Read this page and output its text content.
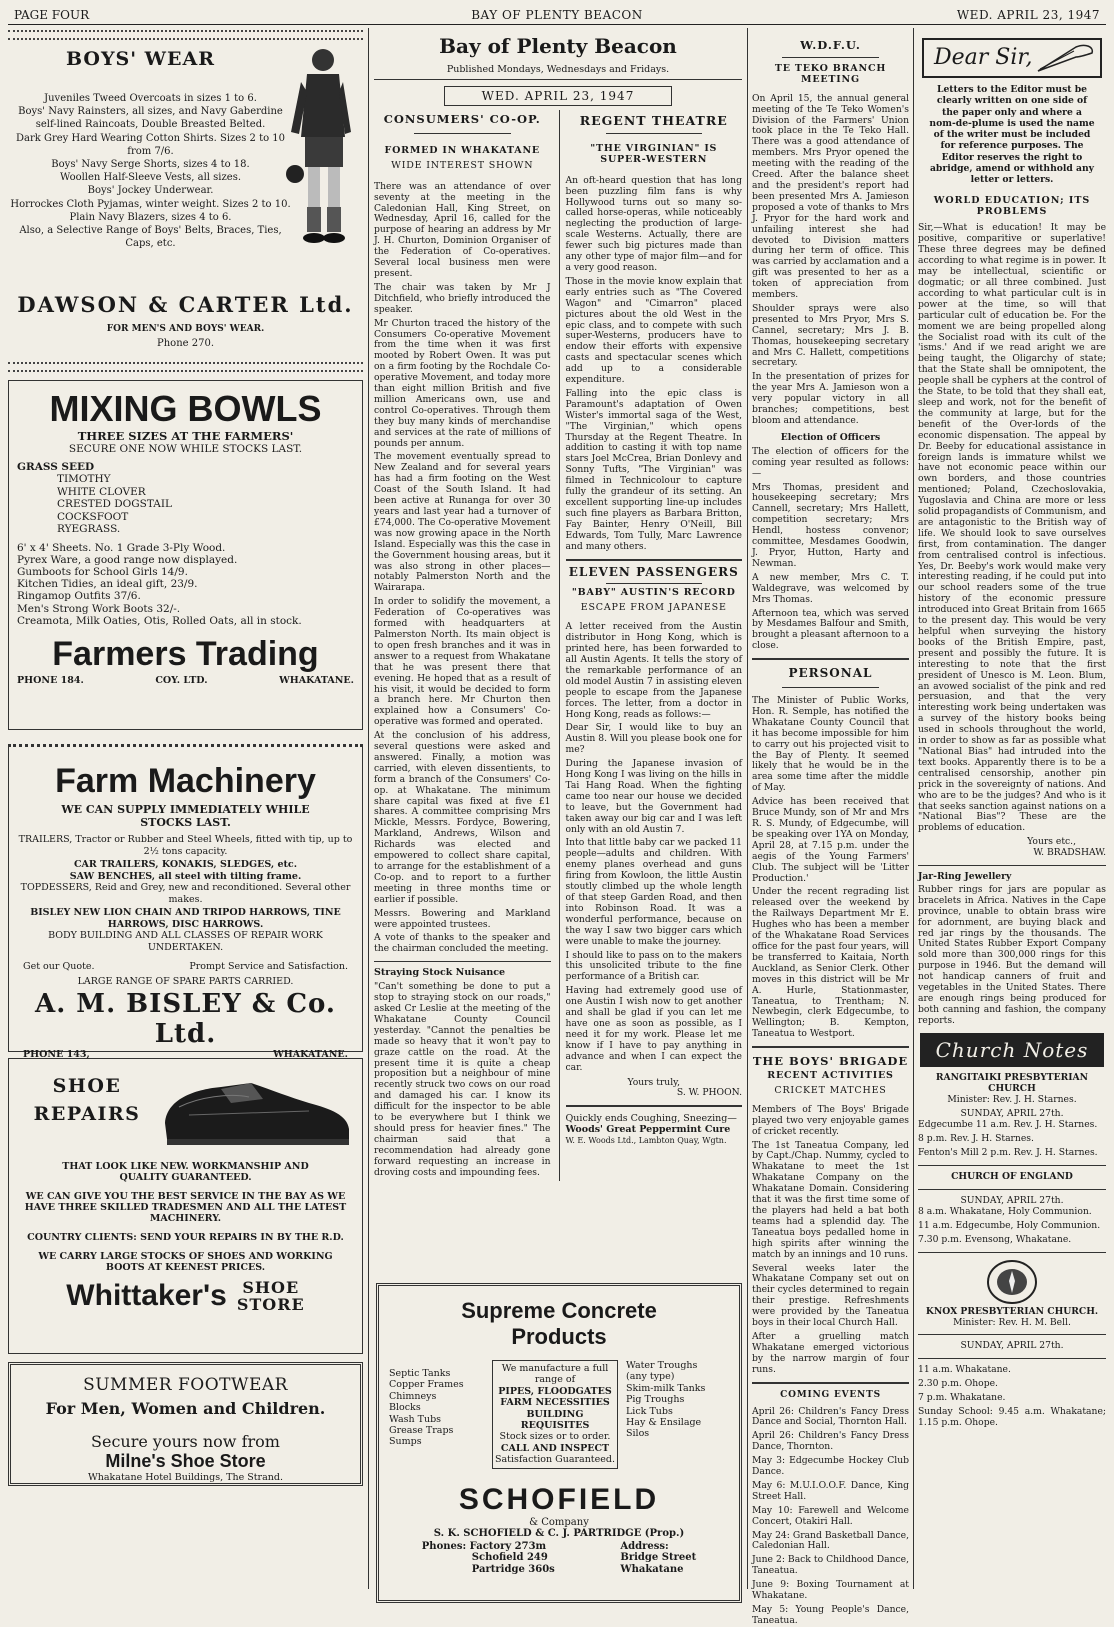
BAY OF PLENTY BEACON
PAGE FOUR	WED. APRIL 23, 1947
BOYS' WEAR
Juveniles Tweed Overcoats in sizes 1 to 6.
Boys' Navy Rainsters, all sizes, and Navy Gaberdine self-lined Raincoats, Double Breasted Belted.
Dark Grey Hard Wearing Cotton Shirts. Sizes 2 to 10 from 7/6.
Boys' Navy Serge Shorts, sizes 4 to 18.
Woollen Half-Sleeve Vests, all sizes.
Boys' Jockey Underwear.
Horrockes Cloth Pyjamas, winter weight. Sizes 2 to 10.
Plain Navy Blazers, sizes 4 to 6.
Also, a Selective Range of Boys' Belts, Braces, Ties, Caps, etc.
DAWSON & CARTER Ltd.
FOR MEN'S AND BOYS' WEAR.
Phone 270.
MIXING BOWLS
THREE SIZES AT THE FARMERS'
SECURE ONE NOW WHILE STOCKS LAST.
GRASS SEED
TIMOTHY
WHITE CLOVER
CRESTED DOGSTAIL
COCKSFOOT
RYEGRASS.
6' x 4' Sheets. No. 1 Grade 3-Ply Wood.
Pyrex Ware, a good range now displayed.
Gumboots for School Girls 14/9.
Kitchen Tidies, an ideal gift, 23/9.
Ringamop Outfits 37/6.
Men's Strong Work Boots 32/-.
Creamota, Milk Oaties, Otis, Rolled Oats, all in stock.
Farmers Trading
PHONE 184.	COY. LTD.	WHAKATANE.
Farm Machinery
WE CAN SUPPLY IMMEDIATELY WHILE STOCKS LAST.
TRAILERS, Tractor or Rubber and Steel Wheels, fitted with tip, up to 2½ tons capacity.
CAR TRAILERS, KONAKIS, SLEDGES, etc.
SAW BENCHES, all steel with tilting frame.
TOPDESSERS, Reid and Grey, new and reconditioned. Several other makes.
BISLEY NEW LION CHAIN AND TRIPOD HARROWS, TINE HARROWS, DISC HARROWS.
BODY BUILDING AND ALL CLASSES OF REPAIR WORK UNDERTAKEN.
Get our Quote.	Prompt Service and Satisfaction.
LARGE RANGE OF SPARE PARTS CARRIED.
A. M. BISLEY & Co. Ltd.
PHONE 143,	WHAKATANE.
SHOE
REPAIRS
THAT LOOK LIKE NEW. WORKMANSHIP AND QUALITY GUARANTEED.
WE CAN GIVE YOU THE BEST SERVICE IN THE BAY AS WE HAVE THREE SKILLED TRADESMEN AND ALL THE LATEST MACHINERY.
COUNTRY CLIENTS: SEND YOUR REPAIRS IN BY THE R.D.
WE CARRY LARGE STOCKS OF SHOES AND WORKING BOOTS AT KEENEST PRICES.
Whittaker's SHOE
STORE
SUMMER FOOTWEAR
For Men, Women and Children.
Secure yours now from
Milne's Shoe Store
Whakatane Hotel Buildings, The Strand.
Bay of Plenty Beacon
Published Mondays, Wednesdays and Fridays.
WED. APRIL 23, 1947
CONSUMERS' CO-OP.
FORMED IN WHAKATANE
WIDE INTEREST SHOWN

There was an attendance of over seventy at the meeting in the Caledonian Hall, King Street, on Wednesday, April 16, called for the purpose of hearing an address by Mr J. H. Churton, Dominion Organiser of the Federation of Co-operatives. Several local business men were present.

The chair was taken by Mr J Ditchfield, who briefly introduced the speaker.

Mr Churton traced the history of the Consumers Co-operative Movement from the time when it was first mooted by Robert Owen. It was put on a firm footing by the Rochdale Co-operative Movement, and today more than eight million British and five million Americans own, use and control Co-operatives. Through them they buy many kinds of merchandise and services at the rate of millions of pounds per annum.

The movement eventually spread to New Zealand and for several years has had a firm footing on the West Coast of the South Island. It had been active at Runanga for over 30 years and last year had a turnover of £74,000. The Co-operative Movement was now growing apace in the North Island. Especially was this the case in the Government housing areas, but it was also strong in other places—notably Palmerston North and the Wairarapa.

In order to solidify the movement, a Federation of Co-operatives was formed with headquarters at Palmerston North. Its main object is to open fresh branches and it was in answer to a request from Whakatane that he was present there that evening. He hoped that as a result of his visit, it would be decided to form a branch here. Mr Churton then explained how a Consumers' Co-operative was formed and operated.

At the conclusion of his address, several questions were asked and answered. Finally, a motion was carried, with eleven dissentients, to form a branch of the Consumers' Co-op. at Whakatane. The minimum share capital was fixed at five £1 shares. A committee comprising Mrs Mickle, Messrs. Fordyce, Bowering, Markland, Andrews, Wilson and Richards was elected and empowered to collect share capital, to arrange for the establishment of a Co-op. and to report to a further meeting in three months time or earlier if possible.

Messrs. Bowering and Markland were appointed trustees.

A vote of thanks to the speaker and the chairman concluded the meeting.

Straying Stock Nuisance

"Can't something be done to put a stop to straying stock on our roads," asked Cr Leslie at the meeting of the Whakatane County Council yesterday. "Cannot the penalties be made so heavy that it won't pay to graze cattle on the road. At the present time it is quite a cheap proposition but a neighbour of mine recently struck two cows on our road and damaged his car. I know its difficult for the inspector to be able to be everywhere but I think we should press for heavier fines." The chairman said that a recommendation had already gone forward requesting an increase in droving costs and impounding fees.

REGENT THEATRE
"THE VIRGINIAN" IS SUPER-WESTERN

An oft-heard question that has long been puzzling film fans is why Hollywood turns out so many so-called horse-operas, while noticeably neglecting the production of large-scale Westerns. Actually, there are fewer such big pictures made than any other type of major film—and for a very good reason.

Those in the movie know explain that early entries such as "The Covered Wagon" and "Cimarron" placed pictures about the old West in the epic class, and to compete with such super-Westerns, producers have to endow their efforts with expensive casts and spectacular scenes which add up to a considerable expenditure.

Falling into the epic class is Paramount's adaptation of Owen Wister's immortal saga of the West, "The Virginian," which opens Thursday at the Regent Theatre. In addition to casting it with top name stars Joel McCrea, Brian Donlevy and Sonny Tufts, "The Virginian" was filmed in Technicolour to capture fully the grandeur of its setting. An excellent supporting line-up includes such fine players as Barbara Britton, Fay Bainter, Henry O'Neill, Bill Edwards, Tom Tully, Marc Lawrence and many others.

ELEVEN PASSENGERS
"BABY" AUSTIN'S RECORD
ESCAPE FROM JAPANESE

A letter received from the Austin distributor in Hong Kong, which is printed here, has been forwarded to all Austin Agents. It tells the story of the remarkable performance of an old model Austin 7 in assisting eleven people to escape from the Japanese forces. The letter, from a doctor in Hong Kong, reads as follows:—

Dear Sir, I would like to buy an Austin 8. Will you please book one for me?

During the Japanese invasion of Hong Kong I was living on the hills in Tai Hang Road. When the fighting came too near our house we decided to leave, but the Government had taken away our big car and I was left only with an old Austin 7.

Into that little baby car we packed 11 people—adults and children. With enemy planes overhead and guns firing from Kowloon, the little Austin stoutly climbed up the whole length of that steep Garden Road, and then into Robinson Road. It was a wonderful performance, because on the way I saw two bigger cars which were unable to make the journey.

I should like to pass on to the makers this unsolicited tribute to the fine performance of a British car.

Having had extremely good use of one Austin I wish now to get another and shall be glad if you can let me have one as soon as possible, as I need it for my work. Please let me know if I have to pay anything in advance and when I can expect the car.

Yours truly,
S. W. PHOON.
Quickly ends Coughing, Sneezing—
Woods' Great Peppermint Cure
W. E. Woods Ltd., Lambton Quay, Wgtn.
Supreme Concrete
Products
Septic Tanks
Copper Frames
Chimneys
Blocks
Wash Tubs
Grease Traps
Sumps
We manufacture a full range of
PIPES, FLOODGATES
FARM NECESSITIES
BUILDING REQUISITES
Stock sizes or to order.
CALL AND INSPECT
Satisfaction Guaranteed.
Water Troughs (any type)
Skim-milk Tanks
Pig Troughs
Lick Tubs
Hay & Ensilage Silos
SCHOFIELD
& Company
S. K. SCHOFIELD & C. J. PARTRIDGE (Prop.)
Phones: Factory 273m
Schofield 249
Partridge 360s
Address:
Bridge Street
Whakatane
W.D.F.U.
TE TEKO BRANCH MEETING

On April 15, the annual general meeting of the Te Teko Women's Division of the Farmers' Union took place in the Te Teko Hall. There was a good attendance of members. Mrs Pryor opened the meeting with the reading of the Creed. After the balance sheet and the president's report had been presented Mrs A. Jamieson proposed a vote of thanks to Mrs J. Pryor for the hard work and unfailing interest she had devoted to Division matters during her term of office. This was carried by acclamation and a gift was presented to her as a token of appreciation from members.

Shoulder sprays were also presented to Mrs Pryor, Mrs S. Cannel, secretary; Mrs J. B. Thomas, housekeeping secretary and Mrs C. Hallett, competitions secretary.

In the presentation of prizes for the year Mrs A. Jamieson won a very popular victory in all branches; competitions, best bloom and attendance.

Election of Officers

The election of officers for the coming year resulted as follows:—

Mrs Thomas, president and housekeeping secretary; Mrs Cannell, secretary; Mrs Hallett, competition secretary; Mrs Hendl, hostess convenor; committee, Mesdames Goodwin, J. Pryor, Hutton, Harty and Newman.

A new member, Mrs C. T. Waldegrave, was welcomed by Mrs Thomas.

Afternoon tea, which was served by Mesdames Balfour and Smith, brought a pleasant afternoon to a close.

PERSONAL

The Minister of Public Works, Hon. R. Semple, has notified the Whakatane County Council that it has become impossible for him to carry out his projected visit to the Bay of Plenty. It seemed likely that he would be in the area some time after the middle of May.

Advice has been received that Bruce Mundy, son of Mr and Mrs R. S. Mundy, of Edgecumbe, will be speaking over 1YA on Monday, April 28, at 7.15 p.m. under the aegis of the Young Farmers' Club. The subject will be 'Litter Production.'

Under the recent regrading list released over the weekend by the Railways Department Mr E. Hughes who has been a member of the Whakatane Road Services office for the past four years, will be transferred to Kaitaia, North Auckland, as Senior Clerk. Other moves in this district will be Mr A. Hurle, Stationmaster, Taneatua, to Trentham; N. Newbegin, clerk Edgecumbe, to Wellington; B. Kempton, Taneatua to Westport.

THE BOYS' BRIGADE
RECENT ACTIVITIES
CRICKET MATCHES

Members of The Boys' Brigade played two very enjoyable games of cricket recently.

The 1st Taneatua Company, led by Capt./Chap. Nummy, cycled to Whakatane to meet the 1st Whakatane Company on the Whakatane Domain. Considering that it was the first time some of the players had held a bat both teams had a splendid day. The Taneatua boys pedalled home in high spirits after winning the match by an innings and 10 runs.

Several weeks later the Whakatane Company set out on their cycles determined to regain their prestige. Refreshments were provided by the Taneatua boys in their local Church Hall.

After a gruelling match Whakatane emerged victorious by the narrow margin of four runs.

COMING EVENTS

April 26: Children's Fancy Dress Dance and Social, Thornton Hall.

April 26: Children's Fancy Dress Dance, Thornton.

May 3: Edgecumbe Hockey Club Dance.

May 6: M.U.I.O.O.F. Dance, King Street Hall.

May 10: Farewell and Welcome Concert, Otakiri Hall.

May 24: Grand Basketball Dance, Caledonian Hall.

June 2: Back to Childhood Dance, Taneatua.

June 9: Boxing Tournament at Whakatane.

May 5: Young People's Dance, Taneatua.

Dear Sir,
Letters to the Editor must be clearly written on one side of the paper only and where a nom-de-plume is used the name of the writer must be included for reference purposes. The Editor reserves the right to abridge, amend or withhold any letter or letters.
WORLD EDUCATION; ITS PROBLEMS

Sir,—What is education! It may be positive, comparitive or superlative! These three degrees may be defined according to what regime is in power. It may be intellectual, scientific or dogmatic; or all three combined. Just according to what particular cult is in power at the time, so will that particular cult of education be. For the moment we are being propelled along the Socialist road with its cult of the 'isms.' And if we read aright we are being taught, the Oligarchy of state; that the State shall be omnipotent, the people shall be cyphers at the control of the State, to be told that they shall eat, sleep and work, not for the benefit of the community at large, but for the benefit of the Over-lords of the economic dispensation. The appeal by Dr. Beeby for educational assistance in foreign lands is immature whilst we have not economic peace within our own borders, and those countries mentioned; Poland, Czechoslovakia, Yugoslavia and China are more or less solid propagandists of Communism, and are antagonistic to the British way of life. We should look to save ourselves first, from contamination. The danger from centralised control is infectious. Yes, Dr. Beeby's work would make very interesting reading, if he could put into our school readers some of the true history of the economic pressure introduced into Great Britain from 1665 to the present day. This would be very helpful when surveying the history books of the British Empire, past, present and possibly the future. It is interesting to note that the first president of Unesco is M. Leon. Blum, an avowed socialist of the pink and red persuasion, and that the very interesting work being undertaken was a survey of the history books being used in schools throughout the world, in order to show as far as possible what "National Bias" had intruded into the text books. Apparently there is to be a centralised censorship, another pin prick in the sovereignty of nations. And who are to be the judges? And who is it that seeks sanction against nations on a "National Bias"? These are the problems of education.

Yours etc.,
W. BRADSHAW.
Jar-Ring Jewellery

Rubber rings for jars are popular as bracelets in Africa. Natives in the Cape province, unable to obtain brass wire for adornment, are buying black and red jar rings by the thousands. The United States Rubber Export Company sold more than 300,000 rings for this purpose in 1946. But the demand will not handicap canners of fruit and vegetables in the United States. There are enough rings being produced for both canning and fashion, the company reports.

Church Notes
RANGITAIKI PRESBYTERIAN CHURCH
Minister: Rev. J. H. Starnes.
SUNDAY, APRIL 27th.

Edgecumbe 11 a.m. Rev. J. H. Starnes.

8 p.m. Rev. J. H. Starnes.

Fenton's Mill 2 p.m. Rev. J. H. Starnes.

CHURCH OF ENGLAND
SUNDAY, APRIL 27th.

8 a.m. Whakatane, Holy Communion.

11 a.m. Edgecumbe, Holy Communion.

7.30 p.m. Evensong, Whakatane.

KNOX PRESBYTERIAN CHURCH.
Minister: Rev. H. M. Bell.
SUNDAY, APRIL 27th.

11 a.m. Whakatane.

2.30 p.m. Ohope.

7 p.m. Whakatane.

Sunday School: 9.45 a.m. Whakatane; 1.15 p.m. Ohope.
